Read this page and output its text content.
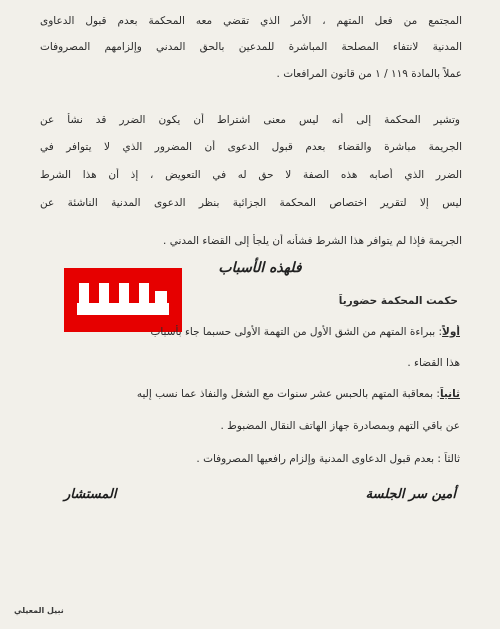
المجتمع من فعل المتهم ، الأمر الذي تقضي معه المحكمة بعدم قبول الدعاوى
المدنية لانتفاء المصلحة المباشرة للمدعين بالحق المدني وإلزامهم المصروفات
عملاً بالمادة ١١٩ / ١ من قانون المرافعات .
وتشير المحكمة إلى أنه ليس معنى اشتراط أن يكون الضرر قد نشأ عن
الجريمة مباشرة والقضاء بعدم قبول الدعوى أن المضرور الذي لا يتوافر في
الضرر الذي أصابه هذه الصفة لا حق له في التعويض ، إذ أن هذا الشرط
ليس إلا لتقرير اختصاص المحكمة الجزائية بنظر الدعوى المدنية الناشئة عن
الجريمة فإذا لم يتوافر هذا الشرط فشأنه أن يلجأ إلى القضاء المدني .
فلهذه الأسباب
حكمت المحكمة حضورياً
أولاً: ببراءة المتهم من الشق الأول من التهمة الأولى حسبما جاء بأسباب
هذا القضاء .
ثانياً: بمعاقبة المتهم بالحبس عشر سنوات مع الشغل والنفاذ عما نسب إليه
عن باقي التهم وبمصادرة جهاز الهاتف النقال المضبوط .
ثالثاً : بعدم قبول الدعاوى المدنية وإلزام رافعيها المصروفات .
أمين سر الجلسة
المستشار
نبيل المعيلي
